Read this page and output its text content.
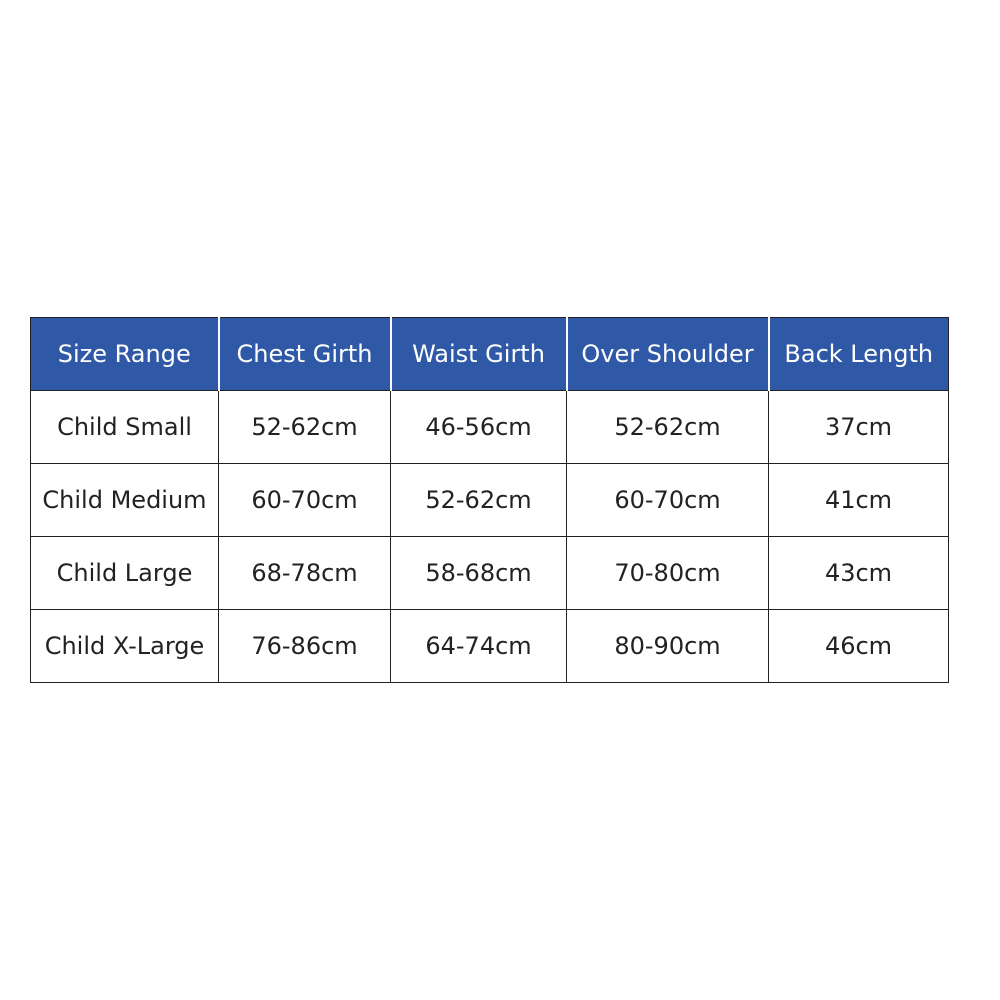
Size Range	Chest Girth	Waist Girth	Over Shoulder	Back Length
Child Small	52-62cm	46-56cm	52-62cm	37cm
Child Medium	60-70cm	52-62cm	60-70cm	41cm
Child Large	68-78cm	58-68cm	70-80cm	43cm
Child X-Large	76-86cm	64-74cm	80-90cm	46cm
